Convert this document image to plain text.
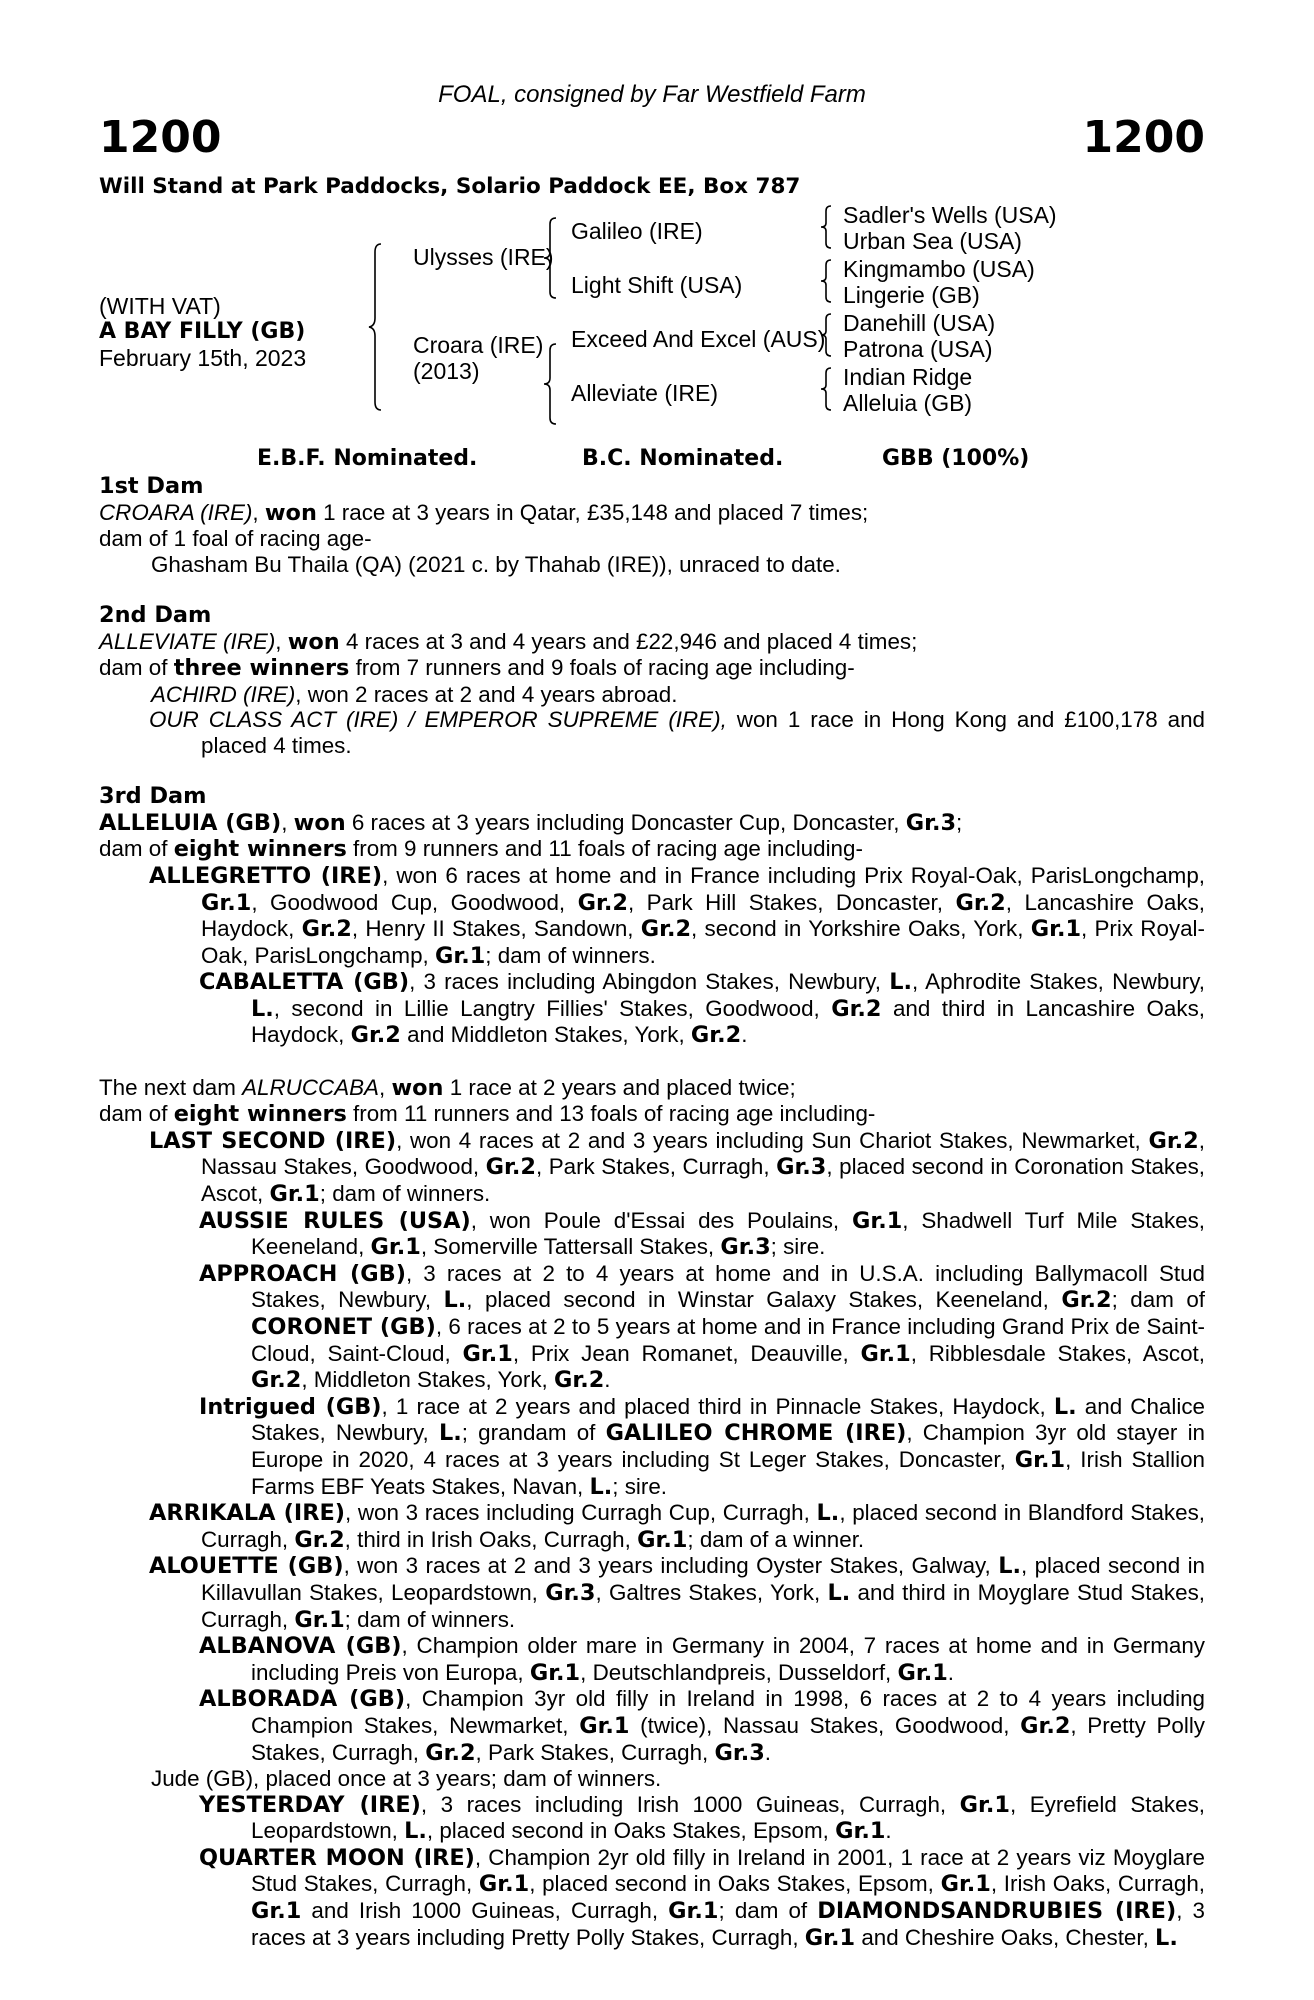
FOAL, consigned by Far Westfield Farm
1200	1200
Will Stand at Park Paddocks, Solario Paddock EE, Box 787
(WITH VAT)
A BAY FILLY (GB)
February 15th, 2023
Ulysses (IRE)
Croara (IRE)
(2013)
Galileo (IRE)
Light Shift (USA)
Exceed And Excel (AUS)
Alleviate (IRE)
Sadler's Wells (USA)
Urban Sea (USA)
Kingmambo (USA)
Lingerie (GB)
Danehill (USA)
Patrona (USA)
Indian Ridge
Alleluia (GB)
E.B.F. Nominated.	B.C. Nominated.	GBB (100%)
1st Dam
CROARA (IRE), won 1 race at 3 years in Qatar, £35,148 and placed 7 times;
dam of 1 foal of racing age-
Ghasham Bu Thaila (QA) (2021 c. by Thahab (IRE)), unraced to date.
2nd Dam
ALLEVIATE (IRE), won 4 races at 3 and 4 years and £22,946 and placed 4 times;
dam of three winners from 7 runners and 9 foals of racing age including-
ACHIRD (IRE), won 2 races at 2 and 4 years abroad.
OUR CLASS ACT (IRE) / EMPEROR SUPREME (IRE), won 1 race in Hong Kong and £100,178 and placed 4 times.
3rd Dam
ALLELUIA (GB), won 6 races at 3 years including Doncaster Cup, Doncaster, Gr.3;
dam of eight winners from 9 runners and 11 foals of racing age including-
ALLEGRETTO (IRE), won 6 races at home and in France including Prix Royal-Oak, ParisLongchamp, Gr.1, Goodwood Cup, Goodwood, Gr.2, Park Hill Stakes, Doncaster, Gr.2, Lancashire Oaks, Haydock, Gr.2, Henry II Stakes, Sandown, Gr.2, second in Yorkshire Oaks, York, Gr.1, Prix Royal-Oak, ParisLongchamp, Gr.1; dam of winners.
CABALETTA (GB), 3 races including Abingdon Stakes, Newbury, L., Aphrodite Stakes, Newbury, L., second in Lillie Langtry Fillies' Stakes, Goodwood, Gr.2 and third in Lancashire Oaks, Haydock, Gr.2 and Middleton Stakes, York, Gr.2.
The next dam ALRUCCABA, won 1 race at 2 years and placed twice;
dam of eight winners from 11 runners and 13 foals of racing age including-
LAST SECOND (IRE), won 4 races at 2 and 3 years including Sun Chariot Stakes, Newmarket, Gr.2, Nassau Stakes, Goodwood, Gr.2, Park Stakes, Curragh, Gr.3, placed second in Coronation Stakes, Ascot, Gr.1; dam of winners.
AUSSIE RULES (USA), won Poule d'Essai des Poulains, Gr.1, Shadwell Turf Mile Stakes, Keeneland, Gr.1, Somerville Tattersall Stakes, Gr.3; sire.
APPROACH (GB), 3 races at 2 to 4 years at home and in U.S.A. including Ballymacoll Stud Stakes, Newbury, L., placed second in Winstar Galaxy Stakes, Keeneland, Gr.2; dam of CORONET (GB), 6 races at 2 to 5 years at home and in France including Grand Prix de Saint-Cloud, Saint-Cloud, Gr.1, Prix Jean Romanet, Deauville, Gr.1, Ribblesdale Stakes, Ascot, Gr.2, Middleton Stakes, York, Gr.2.
Intrigued (GB), 1 race at 2 years and placed third in Pinnacle Stakes, Haydock, L. and Chalice Stakes, Newbury, L.; grandam of GALILEO CHROME (IRE), Champion 3yr old stayer in Europe in 2020, 4 races at 3 years including St Leger Stakes, Doncaster, Gr.1, Irish Stallion Farms EBF Yeats Stakes, Navan, L.; sire.
ARRIKALA (IRE), won 3 races including Curragh Cup, Curragh, L., placed second in Blandford Stakes, Curragh, Gr.2, third in Irish Oaks, Curragh, Gr.1; dam of a winner.
ALOUETTE (GB), won 3 races at 2 and 3 years including Oyster Stakes, Galway, L., placed second in Killavullan Stakes, Leopardstown, Gr.3, Galtres Stakes, York, L. and third in Moyglare Stud Stakes, Curragh, Gr.1; dam of winners.
ALBANOVA (GB), Champion older mare in Germany in 2004, 7 races at home and in Germany including Preis von Europa, Gr.1, Deutschlandpreis, Dusseldorf, Gr.1.
ALBORADA (GB), Champion 3yr old filly in Ireland in 1998, 6 races at 2 to 4 years including Champion Stakes, Newmarket, Gr.1 (twice), Nassau Stakes, Goodwood, Gr.2, Pretty Polly Stakes, Curragh, Gr.2, Park Stakes, Curragh, Gr.3.
Jude (GB), placed once at 3 years; dam of winners.
YESTERDAY (IRE), 3 races including Irish 1000 Guineas, Curragh, Gr.1, Eyrefield Stakes, Leopardstown, L., placed second in Oaks Stakes, Epsom, Gr.1.
QUARTER MOON (IRE), Champion 2yr old filly in Ireland in 2001, 1 race at 2 years viz Moyglare Stud Stakes, Curragh, Gr.1, placed second in Oaks Stakes, Epsom, Gr.1, Irish Oaks, Curragh, Gr.1 and Irish 1000 Guineas, Curragh, Gr.1; dam of DIAMONDSANDRUBIES (IRE), 3 races at 3 years including Pretty Polly Stakes, Curragh, Gr.1 and Cheshire Oaks, Chester, L.
